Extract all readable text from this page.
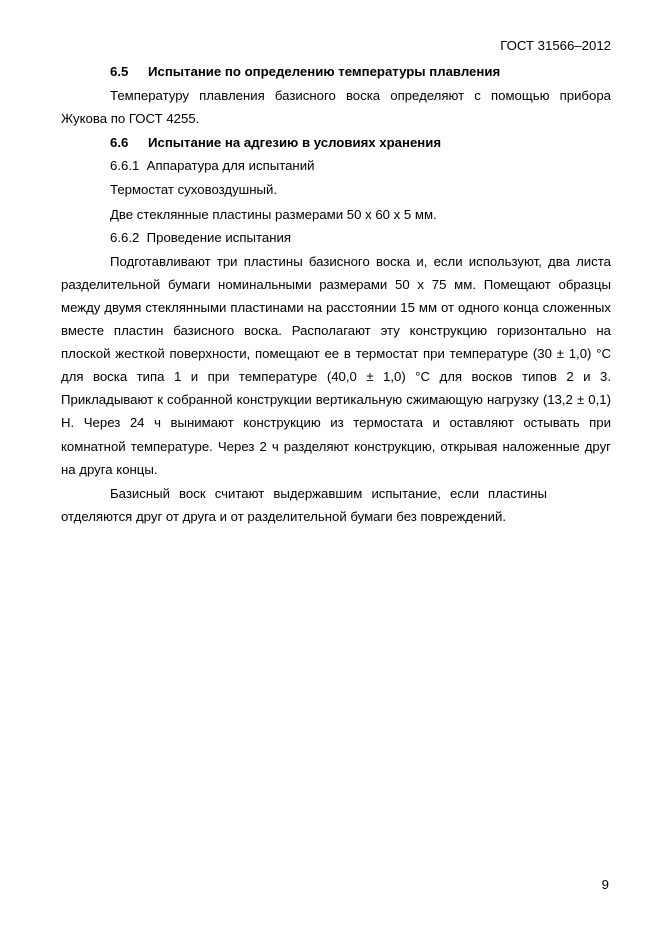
ГОСТ 31566–2012
6.5 Испытание по определению температуры плавления

Температуру плавления базисного воска определяют с помощью прибора Жукова по ГОСТ 4255.

6.6 Испытание на адгезию в условиях хранения

6.6.1  Аппаратура для испытаний

Термостат суховоздушный.

Две стеклянные пластины размерами 50 х 60 х 5 мм.

6.6.2  Проведение испытания

Подготавливают три пластины базисного воска и, если используют, два листа разделительной бумаги номинальными размерами 50 х 75 мм. Помещают образцы между двумя стеклянными пластинами на расстоянии 15 мм от одного конца сложенных вместе пластин базисного воска. Располагают эту конструкцию горизонтально на плоской жесткой поверхности, помещают ее в термостат при температуре (30 ± 1,0) °С для воска типа 1 и при температуре (40,0 ± 1,0) °С для восков типов 2 и 3. Прикладывают к собранной конструкции вертикальную сжимающую нагрузку (13,2 ± 0,1) Н. Через 24 ч вынимают конструкцию из термостата и оставляют остывать при комнатной температуре. Через 2 ч разделяют конструкцию, открывая наложенные друг на друга концы.

Базисный воск считают выдержавшим испытание, если пластины отделяются друг от друга и от разделительной бумаги без повреждений.

9
